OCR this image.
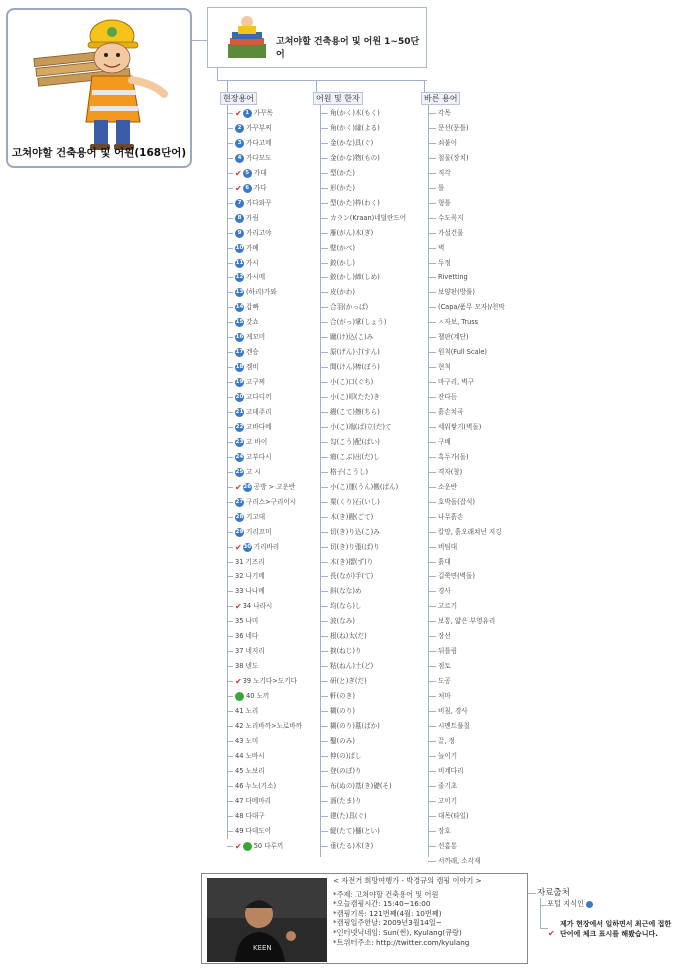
고쳐야할 건축용어 및 어원(168단어)
고쳐야할 건축용어 및 어원 1~50단어
현장용어	어원 및 한자	바른 용어
✔ 1 가꾸목
2 가꾸부찌
3 가다고메
4 가다모도
✔ 5 가대
✔ 6 가다
7 가다와꾸
8 가림
9 가리고야
10 가베
11 가시
12 가시메
13 (하리)가와
14 갑빠
15 갓쇼
16 게꼬미
17 겐승
18 겜비
19 고구찌
20 고다디끼
21 고데주리
22 고바다메
23 고 바이
24 고부다시
25 고 시
✔ 26 공방 > 고운반
27 구리스>구리이시
28 기고데
29 기리꼬미
✔ 30 기리바리
31 기즈리
32 나기메
33 나나메
✔ 34 나라시
35 나미
36 네다
37 네지리
38 넨도
✔ 39 노기다>도기다
40 노끼
41 노리
42 노리바까>노로바까
43 노미
44 노바시
45 노보리
46 누노(기소)
47 다메마리
48 다대구
49 다데도이
✔ 50 다루끼
角(かく)木(もく)
角(かく)縁(よる)
金(かな)具(ぐ)
金(かな)物(もの)
型(かた)
形(かた)
型(かた)枠(わく)
カラン(Kraan)네덜란드어
雁(がん)木(ぎ)
壁(かべ)
鉸(かし)
鉸(かし)締(しめ)
皮(かわ)
合羽(かっぱ)
合(がっ)掌(しょう)
蹴(け)込(こ)み
原(げん)寸(すん)
間(けん)棒(ぼう)
小(こ)口(ぐち)
小(こ)叩(たた)き
鏝(こて)擦(ちら)
小(こ)端(ば)立(だ)て
勾(こう)配(ばい)
瘤(こぶ)出(だ)し
格子(こうし)
小(こ)運(うん)搬(ぱん)
栗(くり)石(いし)
木(き)鏝(ごて)
切(き)り込(こ)み
切(き)り張(ば)り
木(き)摺(ず)り
長(なが)手(て)
斜(なな)め
均(なら)し
波(なみ)
根(ね)太(だ)
捩(ねじ)り
粘(ねん)土(ど)
研(と)ぎ(だ)
軒(のき)
糊(のり)
糊(のり)墓(ばか)
鑿(のみ)
伸(の)ばし
登(のぼ)り
布(ぬの)基(き)礎(そ)
溜(たま)り
建(た)具(ぐ)
縦(たて)樋(とい)
垂(たる)木(き)
각목
문선(문틀)
쇠붙이
철물(장치)
직각
틀
형틀
수도꼭지
가설건물
벽
두정
Rivetting
보양판(방풀)
(Capa/품무 모자)/천막
ㅅ자보, Truss
챌판(계단)
원척(Full Scale)
현척
마구리, 벽구
잔다듬
흙손치곡
세워쌓기(벽돌)
구배
혹두가(돌)
격자(창)
소운반
호박돌(잡석)
나무흙손
칼망, 흙오래쳐넌 지깅
버팀대
흙대
길쭉면(벽돌)
경사
고르기
보통, 얇은 부영유리
장선
뒤틀림
점토
도공
처마
비침, 경사
시멘트풀칠
끌, 정
늘이기
비계다리
줄기초
고이기
대목(타일)
장호
선홈통
서까래, 소각재
KEEN
< 자전거 희망여행가 - 박경규의 캠핑 이야기 >
*주제: 고쳐야할 건축용어 및 어원
*오늘캠핑시간: 15:40~16:00
*캠핑기록: 121번째(4월: 10번째)
*캠핑일주한날: 2009년3월14일~
*인터넷닉네임: Sun(썬), Kyulang(큐랑)
*트위터주소: http://twitter.com/kyulang
자료출처
포털 지식인
✔
제가 현장에서 일하면서 최근에 접한
단어에 체크 표시를 해봤습니다.
